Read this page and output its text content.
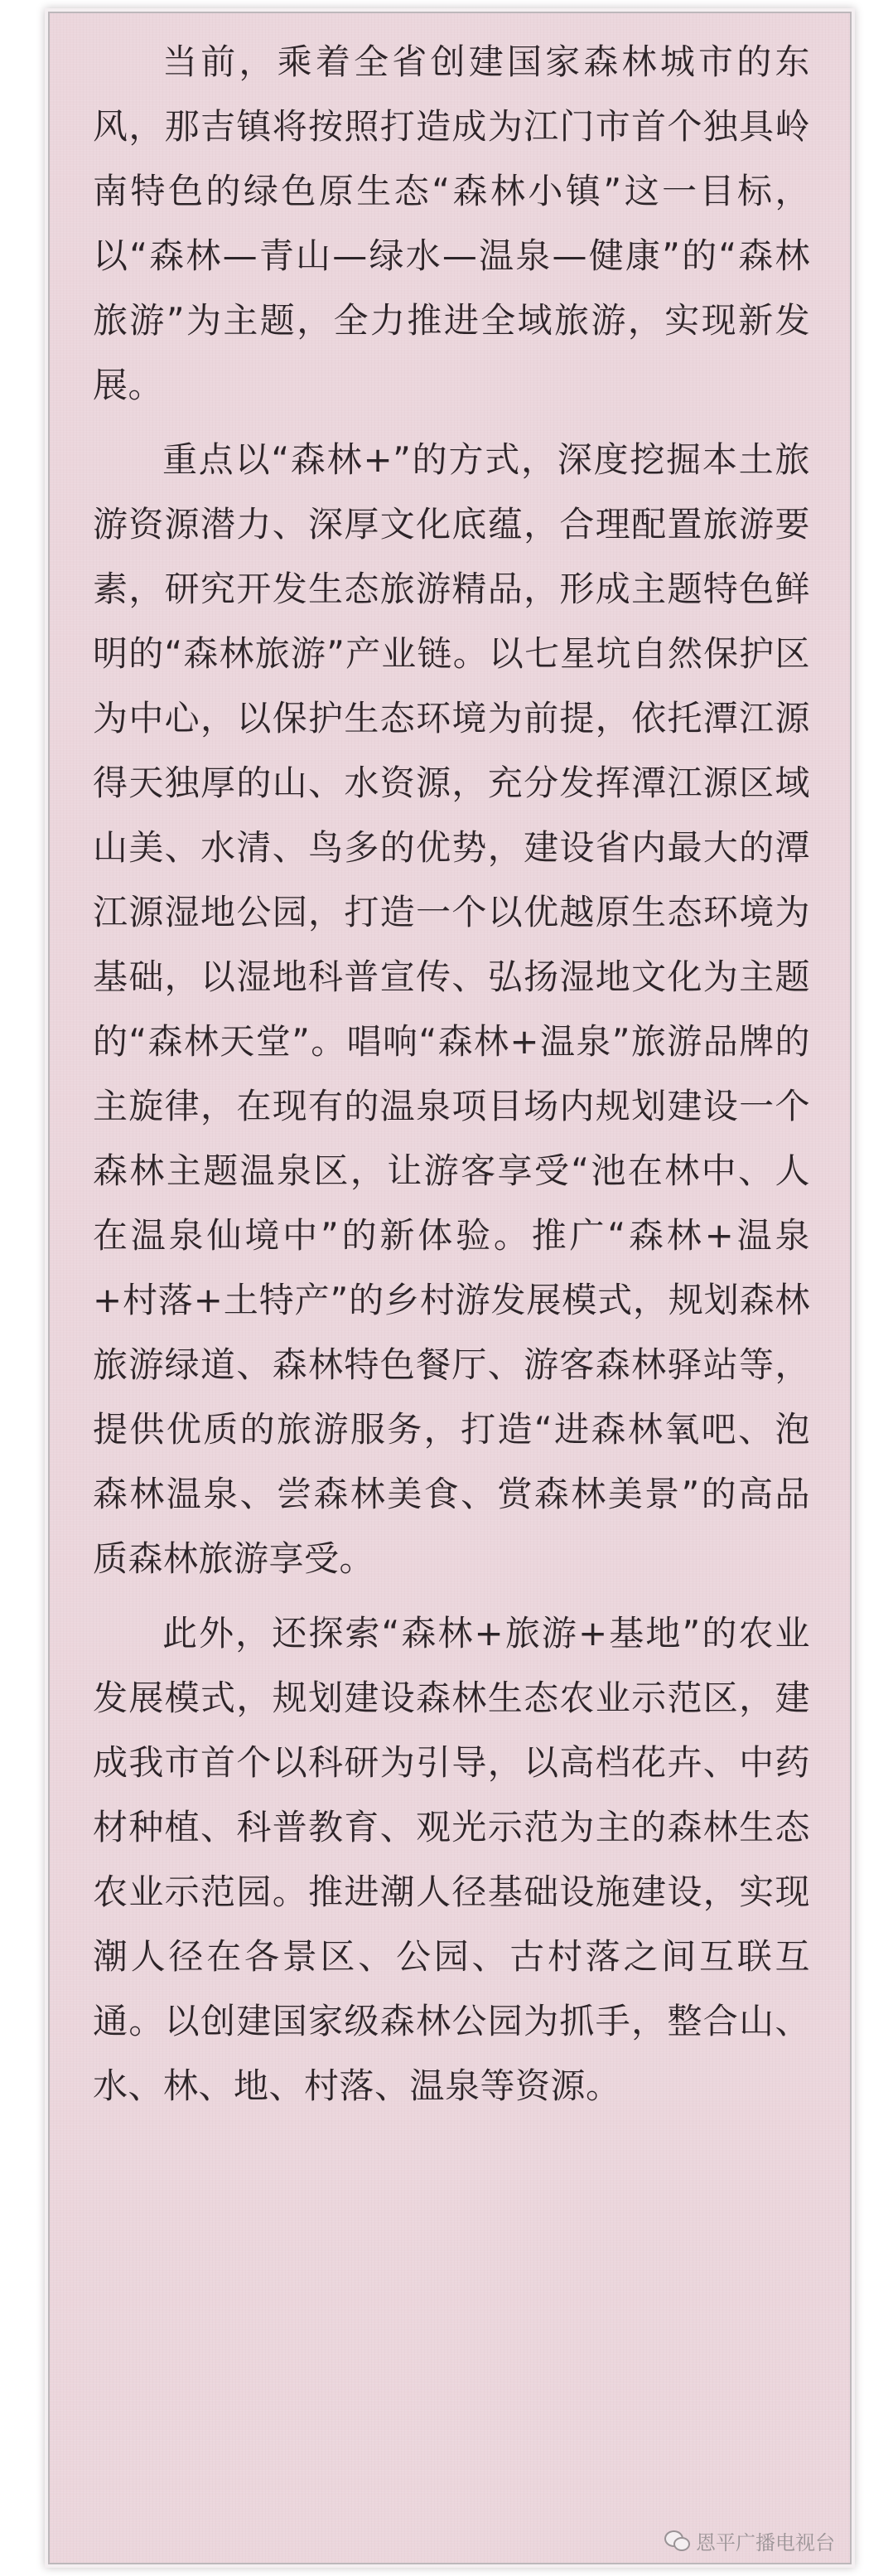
当前，乘着全省创建国家森林城市的东风，那吉镇将按照打造成为江门市首个独具岭南特色的绿色原生态“森林小镇”这一目标，以“森林—青山—绿水—温泉—健康”的“森林旅游”为主题，全力推进全域旅游，实现新发展。

重点以“森林+”的方式，深度挖掘本土旅游资源潜力、深厚文化底蕴，合理配置旅游要素，研究开发生态旅游精品，形成主题特色鲜明的“森林旅游”产业链。以七星坑自然保护区为中心，以保护生态环境为前提，依托潭江源得天独厚的山、水资源，充分发挥潭江源区域山美、水清、鸟多的优势，建设省内最大的潭江源湿地公园，打造一个以优越原生态环境为基础，以湿地科普宣传、弘扬湿地文化为主题的“森林天堂”。唱响“森林+温泉”旅游品牌的主旋律，在现有的温泉项目场内规划建设一个森林主题温泉区，让游客享受“池在林中、人在温泉仙境中”的新体验。推广“森林+温泉+村落+土特产”的乡村游发展模式，规划森林旅游绿道、森林特色餐厅、游客森林驿站等，提供优质的旅游服务，打造“进森林氧吧、泡森林温泉、尝森林美食、赏森林美景”的高品质森林旅游享受。

此外，还探索“森林+旅游+基地”的农业发展模式，规划建设森林生态农业示范区，建成我市首个以科研为引导，以高档花卉、中药材种植、科普教育、观光示范为主的森林生态农业示范园。推进潮人径基础设施建设，实现潮人径在各景区、公园、古村落之间互联互通。以创建国家级森林公园为抓手，整合山、水、林、地、村落、温泉等资源。

恩平广播电视台
